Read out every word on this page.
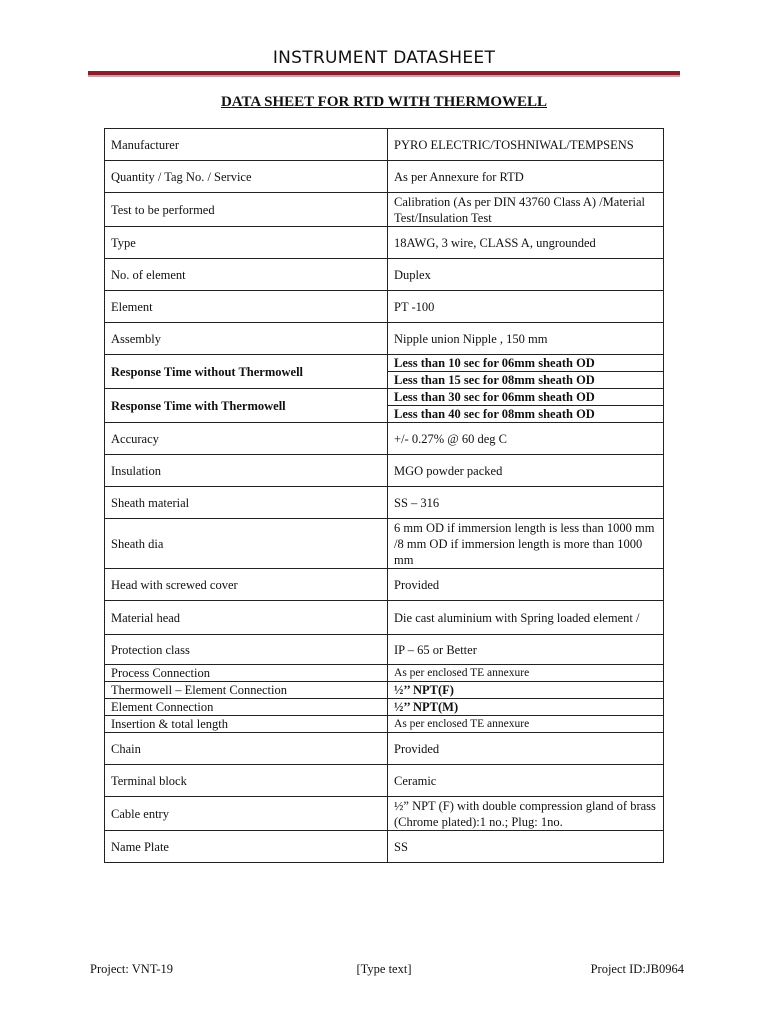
INSTRUMENT DATASHEET
DATA SHEET FOR RTD WITH THERMOWELL
Manufacturer	PYRO ELECTRIC/TOSHNIWAL/TEMPSENS
Quantity / Tag No. / Service	As per Annexure for RTD
Test to be performed	Calibration (As per DIN 43760 Class A) /Material Test/Insulation Test
Type	18AWG, 3 wire, CLASS A, ungrounded
No. of element	Duplex
Element	PT -100
Assembly	Nipple union Nipple , 150 mm
Response Time without Thermowell	Less than 10 sec for 06mm sheath OD
	Less than 15 sec for 08mm sheath OD
Response Time with Thermowell	Less than 30 sec for 06mm sheath OD
	Less than 40 sec for 08mm sheath OD
Accuracy	+/- 0.27% @ 60 deg C
Insulation	MGO powder packed
Sheath material	SS – 316
Sheath dia	6 mm OD if immersion length is less than 1000 mm /8 mm OD if immersion length is more than 1000 mm
Head with screwed cover	Provided
Material head	Die cast aluminium with Spring loaded element /
Protection class	IP – 65 or Better
Process Connection	As per enclosed TE annexure
Thermowell – Element Connection	½’’ NPT(F)
Element Connection	½’’ NPT(M)
Insertion & total length	As per enclosed TE annexure
Chain	Provided
Terminal block	Ceramic
Cable entry	½” NPT (F) with double compression gland of brass (Chrome plated):1 no.; Plug: 1no.
Name Plate	SS
Project: VNT-19	[Type text]	Project ID:JB0964
